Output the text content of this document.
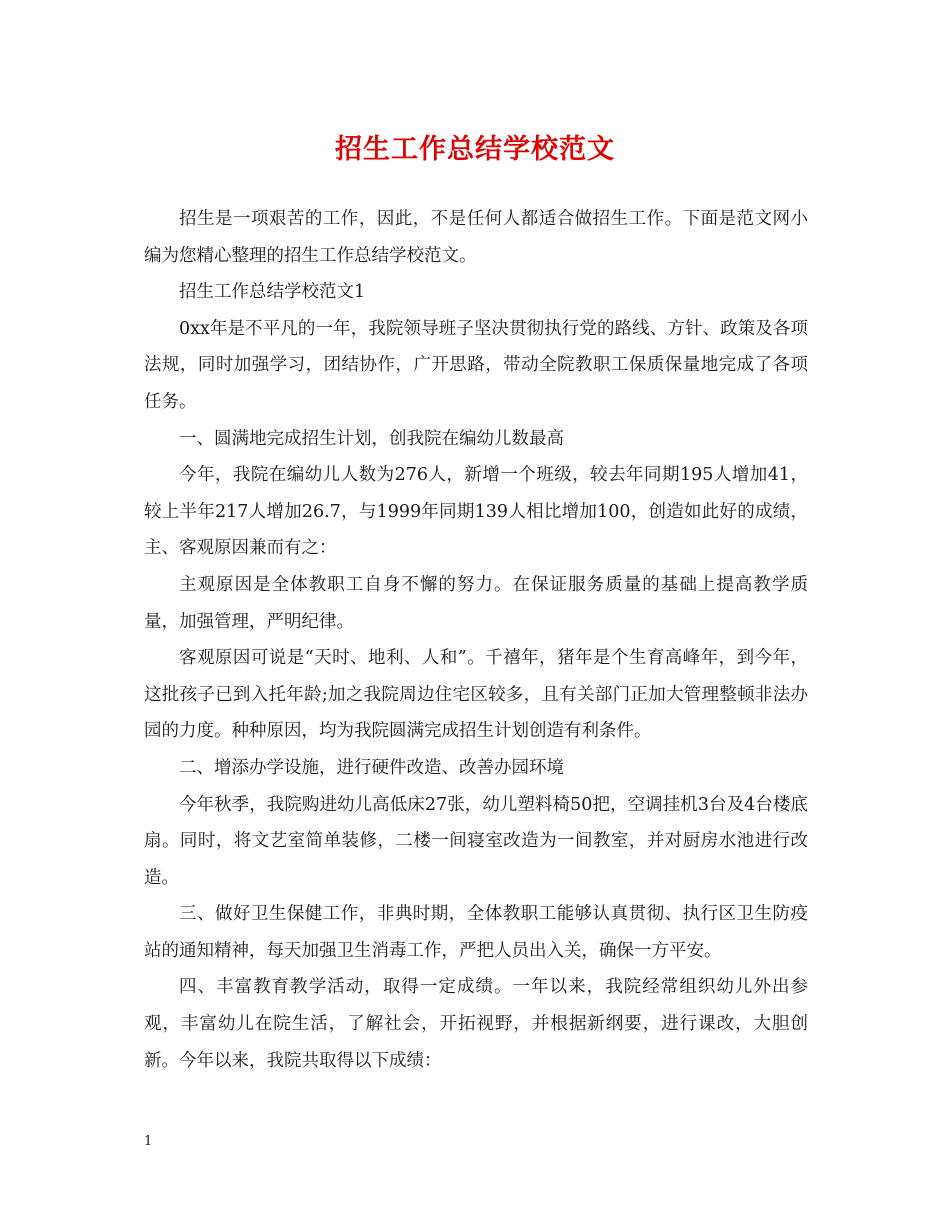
招生工作总结学校范文

招生是一项艰苦的工作，因此，不是任何人都适合做招生工作。下面是范文网小编为您精心整理的招生工作总结学校范文。

招生工作总结学校范文1

0xx年是不平凡的一年，我院领导班子坚决贯彻执行党的路线、方针、政策及各项法规，同时加强学习，团结协作，广开思路，带动全院教职工保质保量地完成了各项任务。

一、圆满地完成招生计划，创我院在编幼儿数最高

今年，我院在编幼儿人数为276人，新增一个班级，较去年同期195人增加41，较上半年217人增加26.7，与1999年同期139人相比增加100，创造如此好的成绩，主、客观原因兼而有之：

主观原因是全体教职工自身不懈的努力。在保证服务质量的基础上提高教学质量，加强管理，严明纪律。

客观原因可说是“天时、地利、人和”。千禧年，猪年是个生育高峰年，到今年，这批孩子已到入托年龄;加之我院周边住宅区较多，且有关部门正加大管理整顿非法办园的力度。种种原因，均为我院圆满完成招生计划创造有利条件。

二、增添办学设施，进行硬件改造、改善办园环境

今年秋季，我院购进幼儿高低床27张，幼儿塑料椅50把，空调挂机3台及4台楼底扇。同时，将文艺室简单装修，二楼一间寝室改造为一间教室，并对厨房水池进行改造。

三、做好卫生保健工作，非典时期，全体教职工能够认真贯彻、执行区卫生防疫站的通知精神，每天加强卫生消毒工作，严把人员出入关，确保一方平安。

四、丰富教育教学活动，取得一定成绩。一年以来，我院经常组织幼儿外出参观，丰富幼儿在院生活，了解社会，开拓视野，并根据新纲要，进行课改，大胆创新。今年以来，我院共取得以下成绩：

1
